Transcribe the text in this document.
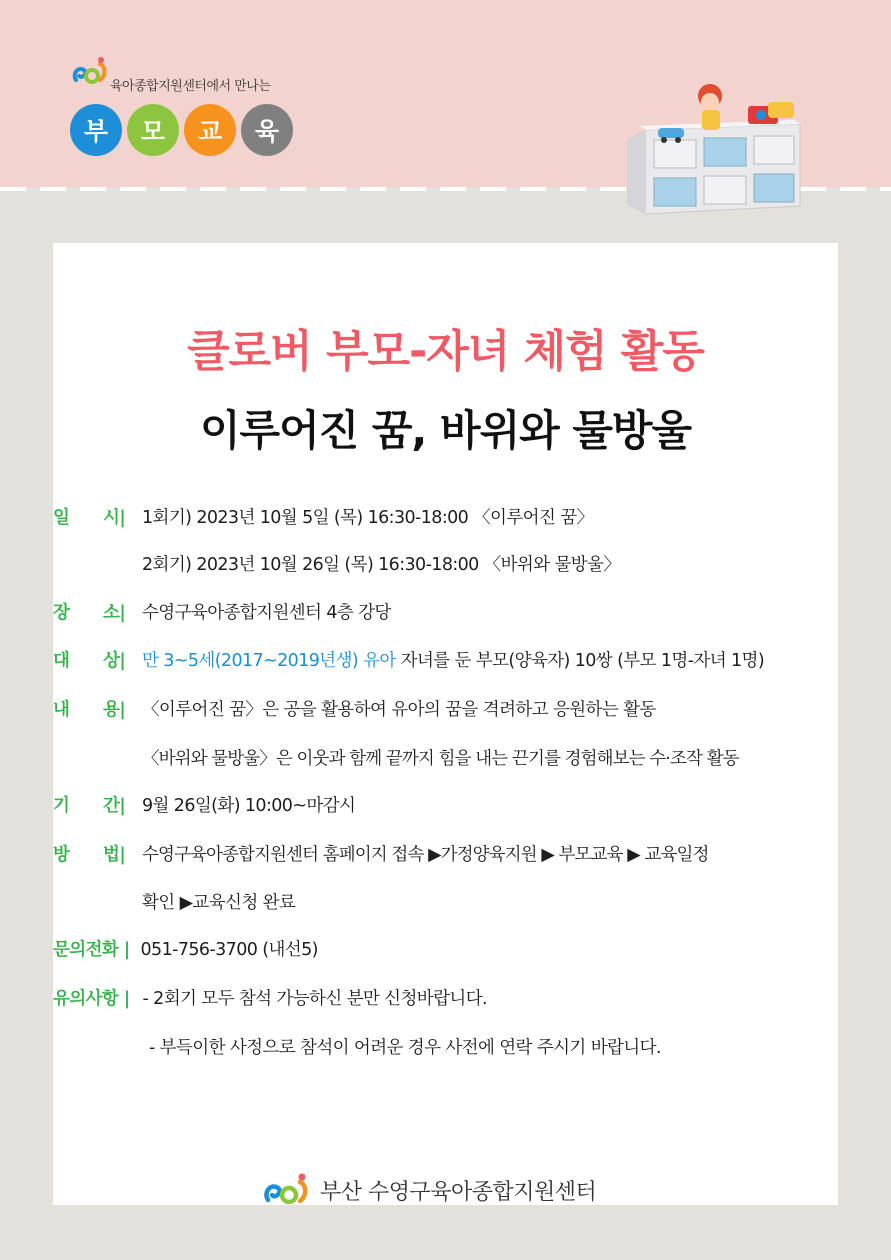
육아종합지원센터에서 만나는
부	모	교	육
클로버 부모-자녀 체험 활동
이루어진 꿈, 바위와 물방울
일 시| 1회기) 2023년 10월 5일 (목) 16:30-18:00 〈이루어진 꿈〉
2회기) 2023년 10월 26일 (목) 16:30-18:00 〈바위와 물방울〉
장 소| 수영구육아종합지원센터 4층 강당
대 상| 만 3~5세(2017~2019년생) 유아 자녀를 둔 부모(양육자) 10쌍 (부모 1명-자녀 1명)
내 용| 〈이루어진 꿈〉은 공을 활용하여 유아의 꿈을 격려하고 응원하는 활동
〈바위와 물방울〉은 이웃과 함께 끝까지 힘을 내는 끈기를 경험해보는 수·조작 활동
기 간| 9월 26일(화) 10:00~마감시
방 법| 수영구육아종합지원센터 홈페이지 접속 ▶가정양육지원 ▶ 부모교육 ▶ 교육일정
확인 ▶교육신청 완료
문의전화 | 051-756-3700 (내선5)
유의사항 | - 2회기 모두 참석 가능하신 분만 신청바랍니다.
- 부득이한 사정으로 참석이 어려운 경우 사전에 연락 주시기 바랍니다.
부산 수영구육아종합지원센터
